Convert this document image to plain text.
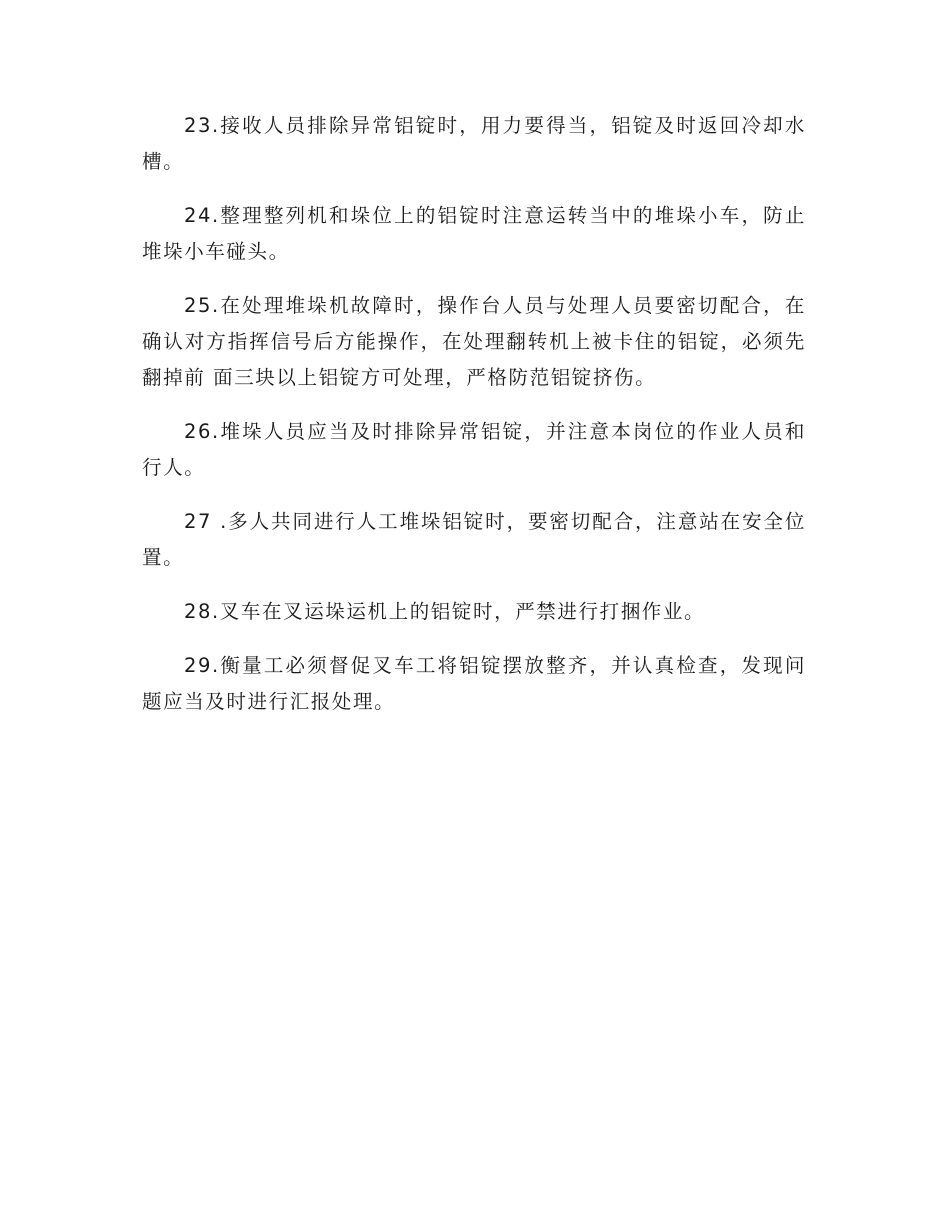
23.接收人员排除异常铝锭时，用力要得当，铝锭及时返回冷却水槽。

24.整理整列机和垛位上的铝锭时注意运转当中的堆垛小车，防止堆垛小车碰头。

25.在处理堆垛机故障时，操作台人员与处理人员要密切配合，在确认对方指挥信号后方能操作，在处理翻转机上被卡住的铝锭，必须先翻掉前 面三块以上铝锭方可处理，严格防范铝锭挤伤。

26.堆垛人员应当及时排除异常铝锭，并注意本岗位的作业人员和行人。

27 .多人共同进行人工堆垛铝锭时，要密切配合，注意站在安全位置。

28.叉车在叉运垛运机上的铝锭时，严禁进行打捆作业。

29.衡量工必须督促叉车工将铝锭摆放整齐，并认真检查，发现问题应当及时进行汇报处理。
